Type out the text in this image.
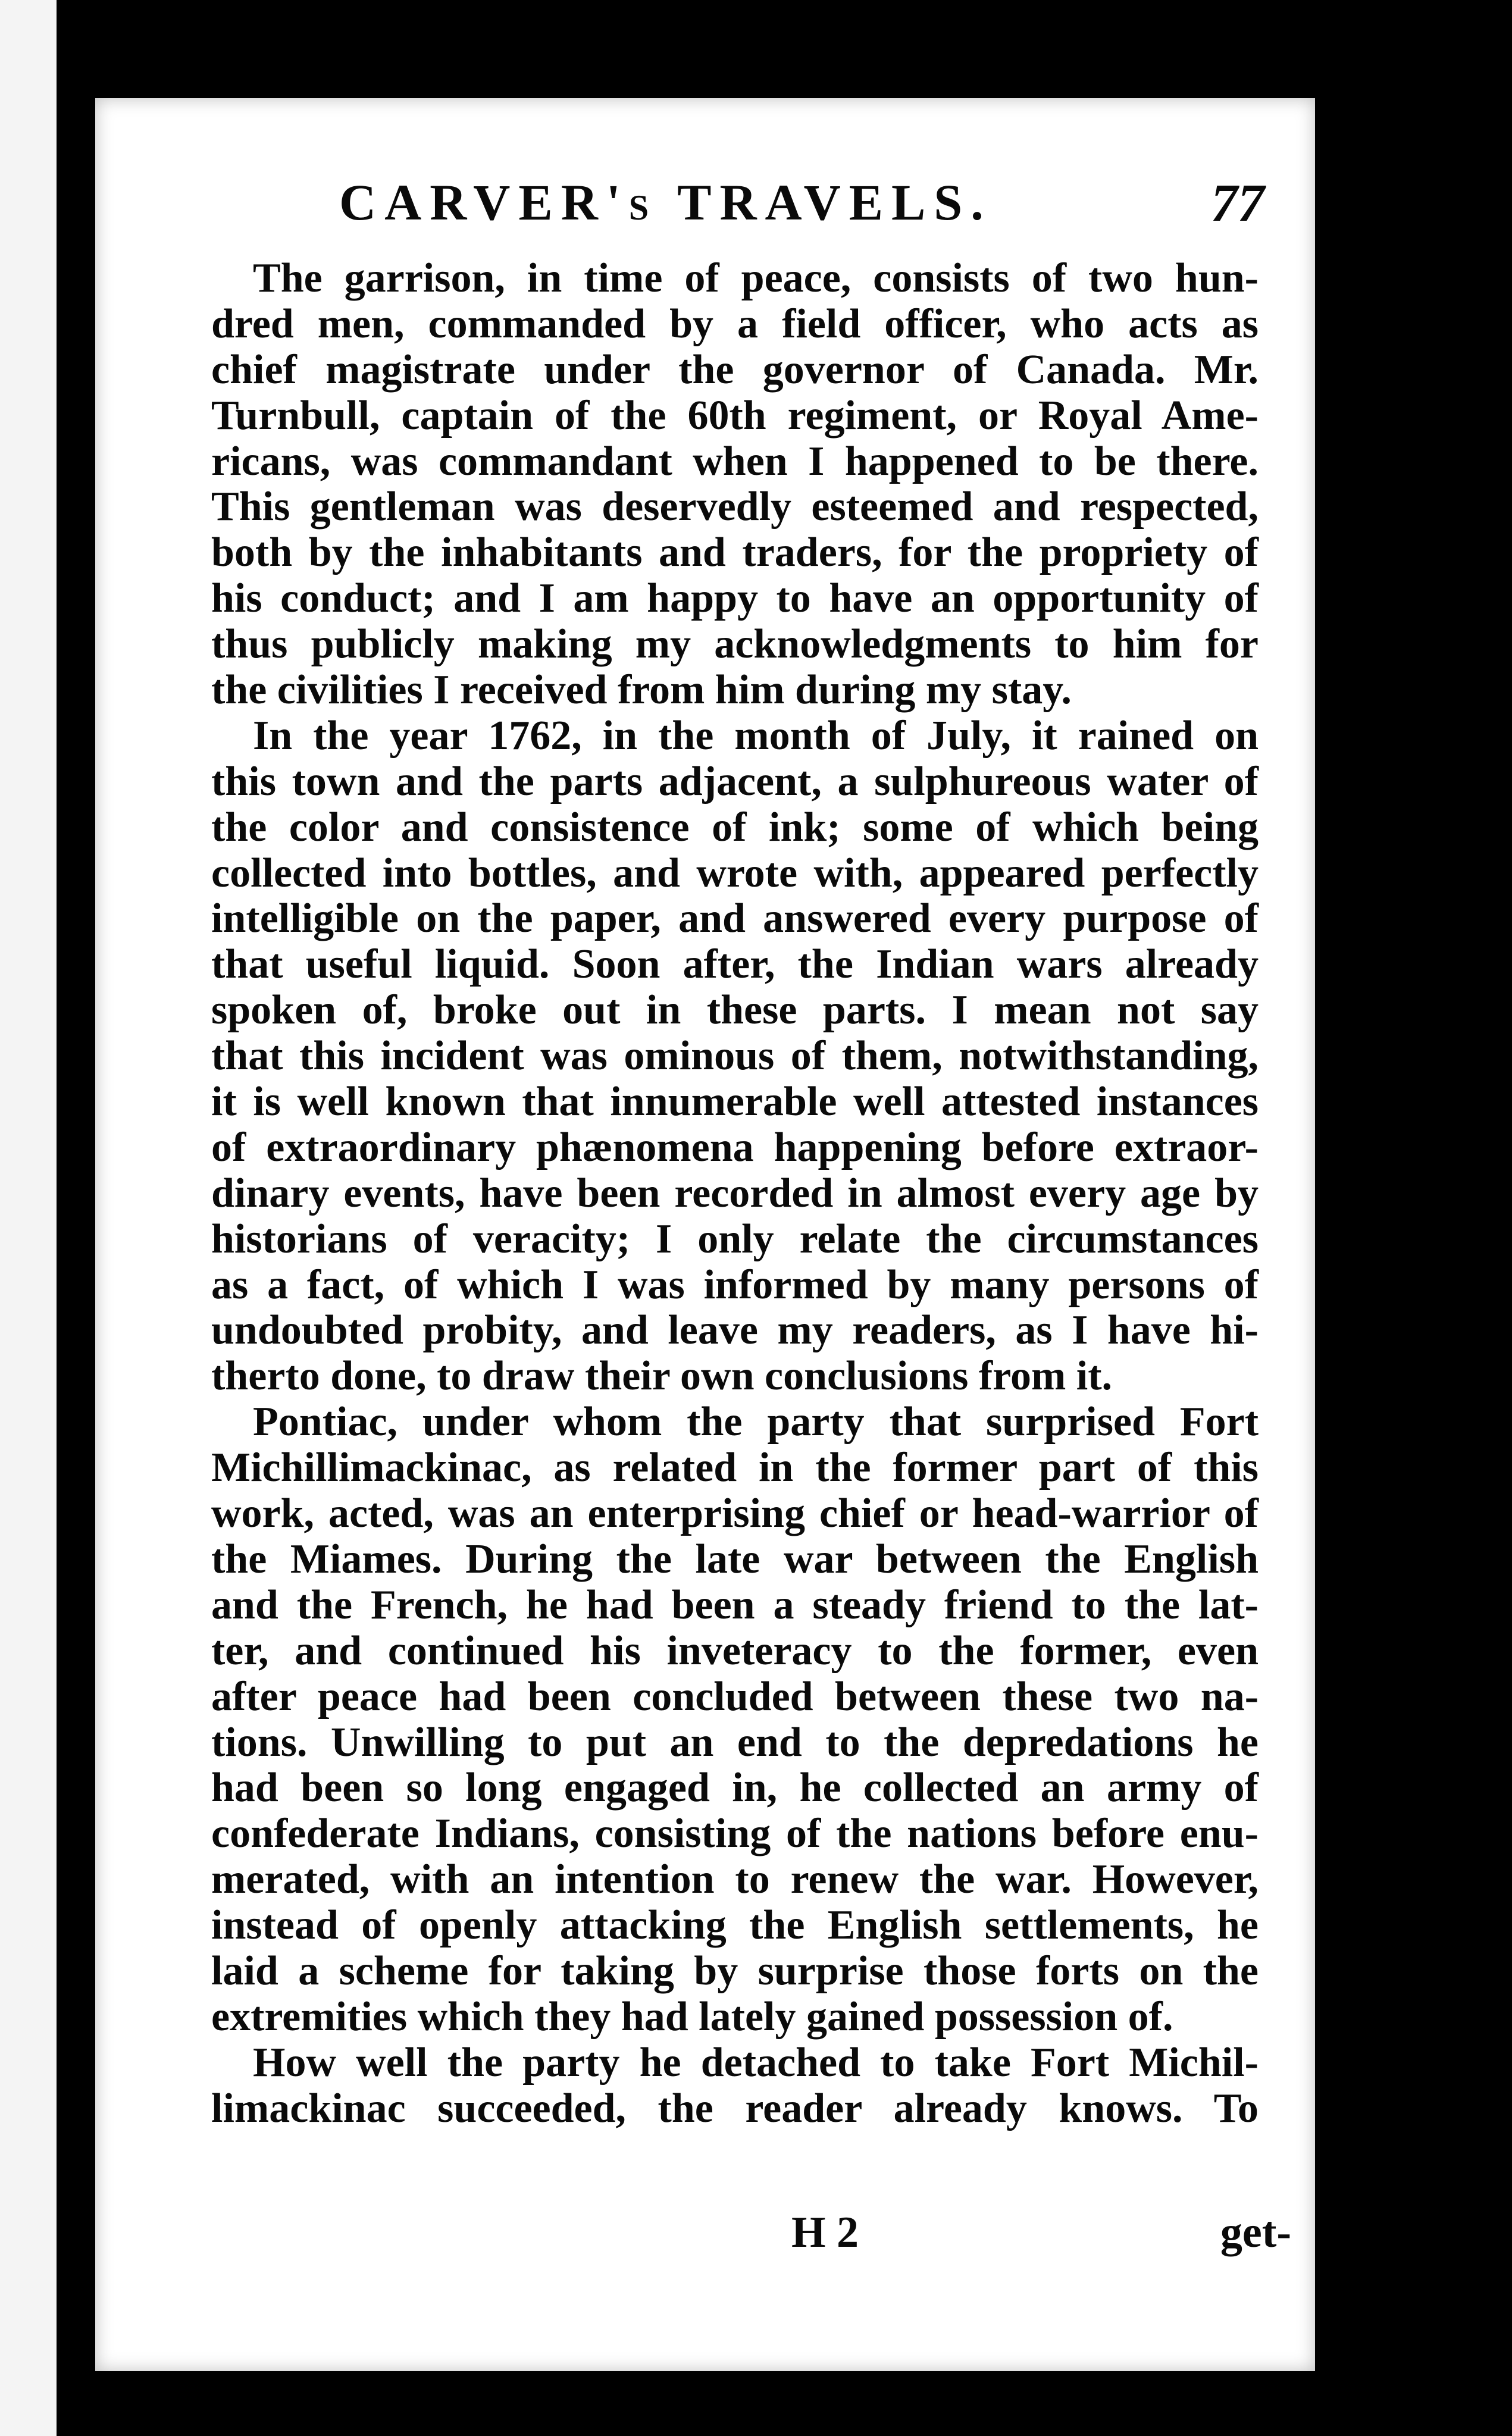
CARVER's TRAVELS.	77
The garrison, in time of peace, consists of two hun-
dred men, commanded by a field officer, who acts as
chief magistrate under the governor of Canada. Mr.
Turnbull, captain of the 60th regiment, or Royal Ame-
ricans, was commandant when I happened to be there.
This gentleman was deservedly esteemed and respected,
both by the inhabitants and traders, for the propriety of
his conduct; and I am happy to have an opportunity of
thus publicly making my acknowledgments to him for
the civilities I received from him during my stay.
In the year 1762, in the month of July, it rained on
this town and the parts adjacent, a sulphureous water of
the color and consistence of ink; some of which being
collected into bottles, and wrote with, appeared perfectly
intelligible on the paper, and answered every purpose of
that useful liquid. Soon after, the Indian wars already
spoken of, broke out in these parts. I mean not say
that this incident was ominous of them, notwithstanding,
it is well known that innumerable well attested instances
of extraordinary phænomena happening before extraor-
dinary events, have been recorded in almost every age by
historians of veracity; I only relate the circumstances
as a fact, of which I was informed by many persons of
undoubted probity, and leave my readers, as I have hi-
therto done, to draw their own conclusions from it.
Pontiac, under whom the party that surprised Fort
Michillimackinac, as related in the former part of this
work, acted, was an enterprising chief or head-warrior of
the Miames. During the late war between the English
and the French, he had been a steady friend to the lat-
ter, and continued his inveteracy to the former, even
after peace had been concluded between these two na-
tions. Unwilling to put an end to the depredations he
had been so long engaged in, he collected an army of
confederate Indians, consisting of the nations before enu-
merated, with an intention to renew the war. However,
instead of openly attacking the English settlements, he
laid a scheme for taking by surprise those forts on the
extremities which they had lately gained possession of.
How well the party he detached to take Fort Michil-
limackinac succeeded, the reader already knows. To
H 2	get-
